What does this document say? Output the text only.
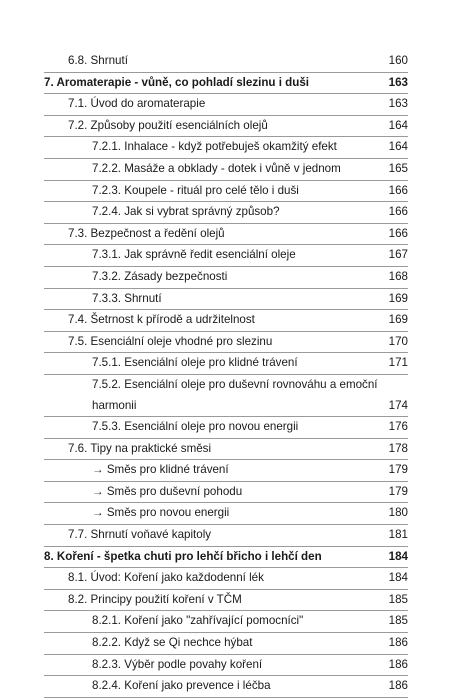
6.8. Shrnutí	160
7. Aromaterapie - vůně, co pohladí slezinu i duši	163
7.1. Úvod do aromaterapie	163
7.2. Způsoby použití esenciálních olejů	164
7.2.1. Inhalace - když potřebuješ okamžitý efekt	164
7.2.2. Masáže a obklady - dotek i vůně v jednom	165
7.2.3. Koupele - rituál pro celé tělo i duši	166
7.2.4. Jak si vybrat správný způsob?	166
7.3. Bezpečnost a ředění olejů	166
7.3.1. Jak správně ředit esenciální oleje	167
7.3.2. Zásady bezpečnosti	168
7.3.3. Shrnutí	169
7.4. Šetrnost k přírodě a udržitelnost	169
7.5. Esenciální oleje vhodné pro slezinu	170
7.5.1. Esenciální oleje pro klidné trávení	171
7.5.2. Esenciální oleje pro duševní rovnováhu a emoční harmonii	174
7.5.3. Esenciální oleje pro novou energii	176
7.6. Tipy na praktické směsi	178
→ Směs pro klidné trávení	179
→ Směs pro duševní pohodu	179
→ Směs pro novou energii	180
7.7. Shrnutí voňavé kapitoly	181
8. Koření - špetka chuti pro lehčí břicho i lehčí den	184
8.1. Úvod: Koření jako každodenní lék	184
8.2. Principy použití koření v TČM	185
8.2.1. Koření jako "zahřívající pomocníci"	185
8.2.2. Když se Qi nechce hýbat	186
8.2.3. Výběr podle povahy koření	186
8.2.4. Koření jako prevence i léčba	186
